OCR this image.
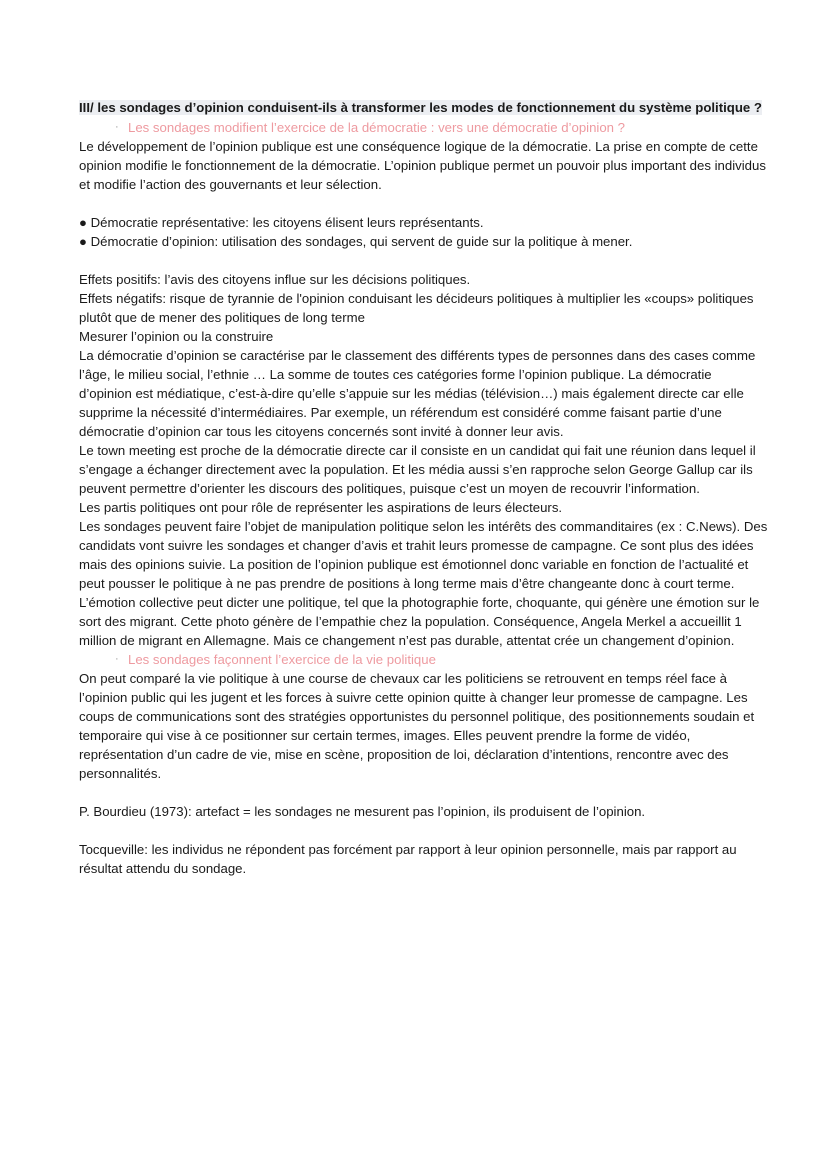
III/ les sondages d’opinion conduisent-ils à transformer les modes de fonctionnement du système politique ?
· Les sondages modifient l’exercice de la démocratie : vers une démocratie d’opinion ?

Le développement de l’opinion publique est une conséquence logique de la démocratie. La prise en compte de cette opinion modifie le fonctionnement de la démocratie. L’opinion publique permet un pouvoir plus important des individus et modifie l’action des gouvernants et leur sélection.

● Démocratie représentative: les citoyens élisent leurs représentants.

● Démocratie d’opinion: utilisation des sondages, qui servent de guide sur la politique à mener.

Effets positifs: l’avis des citoyens influe sur les décisions politiques.

Effets négatifs: risque de tyrannie de l'opinion conduisant les décideurs politiques à multiplier les «coups» politiques plutôt que de mener des politiques de long terme

Mesurer l’opinion ou la construire

La démocratie d’opinion se caractérise par le classement des différents types de personnes dans des cases comme l’âge, le milieu social, l’ethnie … La somme de toutes ces catégories forme l’opinion publique. La démocratie d’opinion est médiatique, c’est-à-dire qu’elle s’appuie sur les médias (télévision…) mais également directe car elle supprime la nécessité d’intermédiaires. Par exemple, un référendum est considéré comme faisant partie d’une démocratie d’opinion car tous les citoyens concernés sont invité à donner leur avis.

Le town meeting est proche de la démocratie directe car il consiste en un candidat qui fait une réunion dans lequel il s’engage a échanger directement avec la population. Et les média aussi s’en rapproche selon George Gallup car ils peuvent permettre d’orienter les discours des politiques, puisque c’est un moyen de recouvrir l’information.

Les partis politiques ont pour rôle de représenter les aspirations de leurs électeurs.

Les sondages peuvent faire l’objet de manipulation politique selon les intérêts des commanditaires (ex : C.News). Des candidats vont suivre les sondages et changer d’avis et trahit leurs promesse de campagne. Ce sont plus des idées mais des opinions suivie. La position de l’opinion publique est émotionnel donc variable en fonction de l’actualité et peut pousser le politique à ne pas prendre de positions à long terme mais d’être changeante donc à court terme.

L’émotion collective peut dicter une politique, tel que la photographie forte, choquante, qui génère une émotion sur le sort des migrant. Cette photo génère de l’empathie chez la population. Conséquence, Angela Merkel a accueillit 1 million de migrant en Allemagne. Mais ce changement n’est pas durable, attentat crée un changement d’opinion.

· Les sondages façonnent l’exercice de la vie politique

On peut comparé la vie politique à une course de chevaux car les politiciens se retrouvent en temps réel face à l’opinion public qui les jugent et les forces à suivre cette opinion quitte à changer leur promesse de campagne. Les coups de communications sont des stratégies opportunistes du personnel politique, des positionnements soudain et temporaire qui vise à ce positionner sur certain termes, images. Elles peuvent prendre la forme de vidéo, représentation d’un cadre de vie, mise en scène, proposition de loi, déclaration d’intentions, rencontre avec des personnalités.

P. Bourdieu (1973): artefact = les sondages ne mesurent pas l’opinion, ils produisent de l’opinion.

Tocqueville: les individus ne répondent pas forcément par rapport à leur opinion personnelle, mais par rapport au résultat attendu du sondage.
